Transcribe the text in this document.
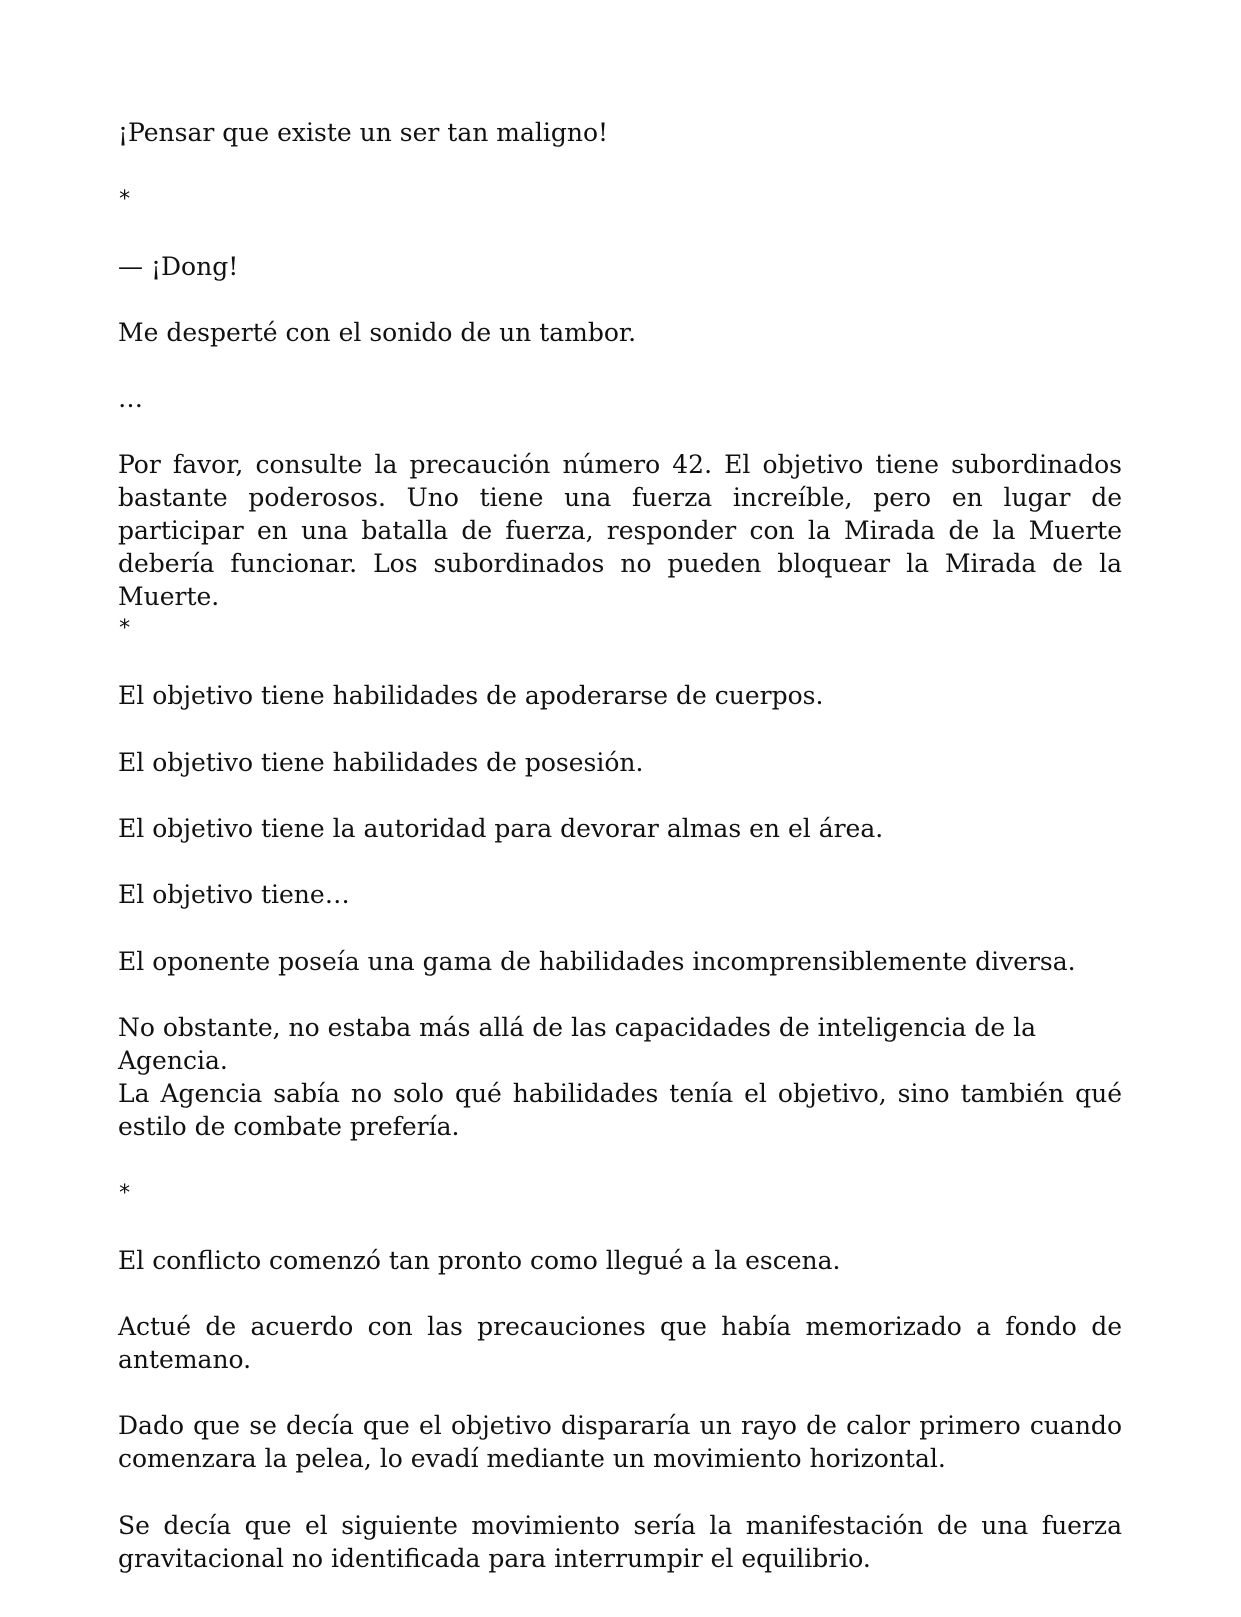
¡Pensar que existe un ser tan maligno!

*

— ¡Dong!

Me desperté con el sonido de un tambor.

…

Por favor, consulte la precaución número 42. El objetivo tiene subordinados bastante poderosos. Uno tiene una fuerza increíble, pero en lugar de participar en una batalla de fuerza, responder con la Mirada de la Muerte debería funcionar. Los subordinados no pueden bloquear la Mirada de la Muerte.

*

El objetivo tiene habilidades de apoderarse de cuerpos.

El objetivo tiene habilidades de posesión.

El objetivo tiene la autoridad para devorar almas en el área.

El objetivo tiene…

El oponente poseía una gama de habilidades incomprensiblemente diversa.

No obstante, no estaba más allá de las capacidades de inteligencia de la Agencia.

La Agencia sabía no solo qué habilidades tenía el objetivo, sino también qué estilo de combate prefería.

*

El conflicto comenzó tan pronto como llegué a la escena.

Actué de acuerdo con las precauciones que había memorizado a fondo de antemano.

Dado que se decía que el objetivo dispararía un rayo de calor primero cuando comenzara la pelea, lo evadí mediante un movimiento horizontal.

Se decía que el siguiente movimiento sería la manifestación de una fuerza gravitacional no identificada para interrumpir el equilibrio.
